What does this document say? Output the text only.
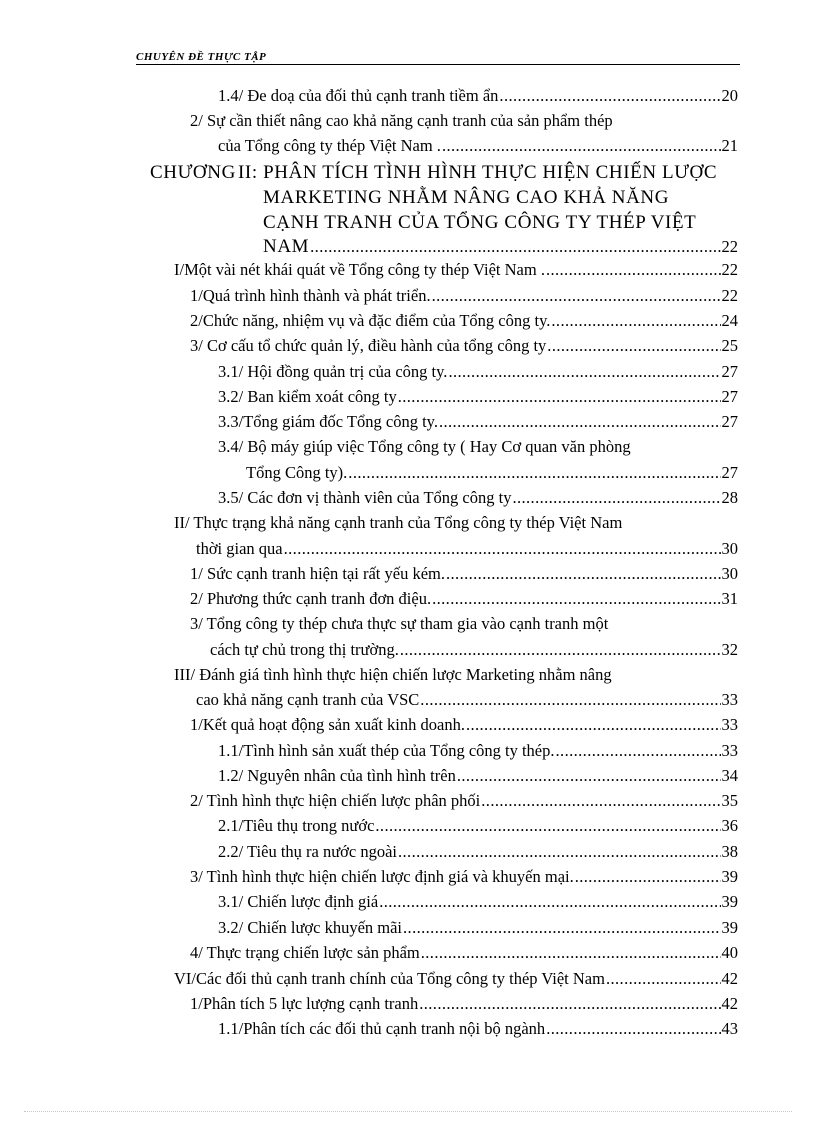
CHUYÊN ĐỀ THỰC TẬP
1.4/ Đe doạ của đối thủ cạnh tranh tiềm ẩn .....	20
2/ Sự cần thiết nâng cao khả năng cạnh tranh của sản phẩm thép
của Tổng công ty thép Việt Nam . .....	21
CHƯƠNG II: PHÂN TÍCH TÌNH HÌNH THỰC HIỆN CHIẾN LƯỢC
MARKETING NHẰM NÂNG CAO KHẢ NĂNG
CẠNH TRANH CỦA TỔNG CÔNG TY THÉP VIỆT
NAM .....	22
I/Một vài nét khái quát về Tổng công ty thép Việt Nam . .....	22
1/Quá trình hình thành và phát triển. .....	22
2/Chức năng, nhiệm vụ và đặc điểm của Tổng công ty. .....	24
3/ Cơ cấu tổ chức quản lý, điều hành của tổng công ty .....	25
3.1/ Hội đồng quản trị của công ty. .....	27
3.2/ Ban kiểm xoát công ty .....	27
3.3/Tổng giám đốc Tổng công ty. .....	27
3.4/ Bộ máy giúp việc Tổng công ty ( Hay Cơ quan văn phòng
Tổng Công ty). .....	27
3.5/ Các đơn vị thành viên của Tổng công ty .....	28
II/ Thực trạng khả năng cạnh tranh của Tổng công ty thép Việt Nam
thời gian qua .....	30
1/ Sức cạnh tranh hiện tại rất yếu kém. .....	30
2/ Phương thức cạnh tranh đơn điệu. .....	31
3/ Tổng công ty thép chưa thực sự tham gia vào cạnh tranh một
cách tự chủ trong thị trường. .....	32
III/ Đánh giá tình hình thực hiện chiến lược Marketing nhằm nâng
cao khả năng cạnh tranh của VSC .....	33
1/Kết quả hoạt động sản xuất kinh doanh. .....	33
1.1/Tình hình sản xuất thép của Tổng công ty thép. .....	33
1.2/ Nguyên nhân của tình hình trên .....	34
2/ Tình hình thực hiện chiến lược phân phối .....	35
2.1/Tiêu thụ trong nước .....	36
2.2/ Tiêu thụ ra nước ngoài .....	38
3/ Tình hình thực hiện chiến lược định giá và khuyến mại. .....	39
3.1/ Chiến lược định giá .....	39
3.2/ Chiến lược khuyến mãi .....	39
4/ Thực trạng chiến lược sản phẩm .....	40
VI/Các đối thủ cạnh tranh chính của Tổng công ty thép Việt Nam .....	42
1/Phân tích 5 lực lượng cạnh tranh .....	42
1.1/Phân tích các đối thủ cạnh tranh nội bộ ngành .....	43
